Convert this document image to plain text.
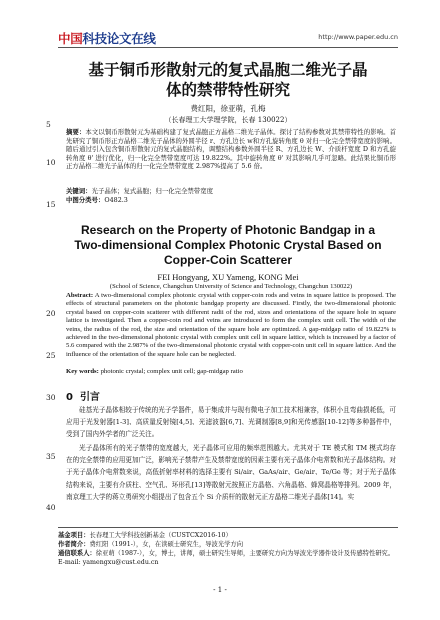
中国科技论文在线	http://www.paper.edu.cn
基于铜币形散射元的复式晶胞二维光子晶
体的禁带特性研究
费红阳，徐亚萌，孔梅
（长春理工大学理学院，长春 130022）
摘要：本文以铜币形散射元为基础构建了复式晶胞正方晶格二维光子晶体。探讨了结构参数对其禁带特性的影响。首先研究了铜币形正方晶格二维光子晶体的外圆半径 r、方孔边长 w和方孔旋转角度 θ 对归一化完全禁带宽度的影响。随后通过引入包含铜币形散射元的复式晶胞结构，调整结构参数外圆半径 R、方孔边长 W、介质杆宽度 D 和方孔旋转角度 θ' 进行优化，归一化完全禁带宽度可达 19.822%。其中旋转角度 θ' 对其影响几乎可忽略。此结果比铜币形正方晶格二维光子晶体的归一化完全禁带宽度 2.987%提高了 5.6 倍。
关键词：光子晶体；复式晶胞；归一化完全禁带宽度
中图分类号：O482.3
Research on the Property of Photonic Bandgap in a
Two-dimensional Complex Photonic Crystal Based on
Copper-Coin Scatterer
FEI Hongyang, XU Yameng, KONG Mei
(School of Science, Changchun University of Science and Technology, Changchun 130022)
Abstract: A two-dimensional complex photonic crystal with copper-coin rods and veins in square lattice is proposed. The effects of structural parameters on the photonic bandgap property are discussed. Firstly, the two-dimensional photonic crystal based on copper-coin scatterer with different radii of the rod, sizes and orientations of the square hole in square lattice is investigated. Then a copper-coin rod and veins are introduced to form the complex unit cell. The width of the veins, the radius of the rod, the size and orientation of the square hole are optimized. A gap-midgap ratio of 19.822% is achieved in the two-dimensional photonic crystal with complex unit cell in square lattice, which is increased by a factor of 5.6 compared with the 2.987% of the two-dimensional photonic crystal with copper-coin unit cell in square lattice. And the influence of the orientation of the square hole can be neglected.
Key words: photonic crystal; complex unit cell; gap-midgap ratio
0 引言
硅基光子晶体相较于传统的光子学器件，易于集成并与现有微电子加工技术相兼容，体积小且弯曲损耗低，可应用于光发射器[1-3]、高质量反射镜[4,5]、光滤波器[6,7]、光调制器[8,9]和光传感器[10-12]等多种器件中，受到了国内外学者的广泛关注。
光子晶体所有的光子禁带的宽度越大，光子晶体可应用的频率范围越大。尤其对于 TE 模式和 TM 模式均存在的完全禁带的应用更加广泛，影响光子禁带产生及禁带宽度的因素主要有光子晶体介电常数和光子晶体结构。对于光子晶体介电常数来说，高低折射率材料的选择主要有 Si/air、GaAs/air、Ge/air、Te/Ge 等；对于光子晶体结构来说，主要有介质柱、空气孔、环形孔[13]等散射元按照正方晶格、六角晶格、蜂窝晶格等排列。2009 年，南京理工大学的蒋立勇研究小组提出了包含五个 Si 介质杆的散射元正方晶格二维光子晶体[14]。实
基金项目：长春理工大学科技创新基金（CUSTCX2016-10）
作者简介：费红阳（1991-），女，在读硕士研究生，导波光学方向
通信联系人：徐亚萌（1987-），女，博士，讲师，硕士研究生导师，主要研究方向为导波光学器件设计及传感特性研究。E-mail: yamengxu@cust.edu.cn
- 1 -
5
10
15
20
25
30
35
40
